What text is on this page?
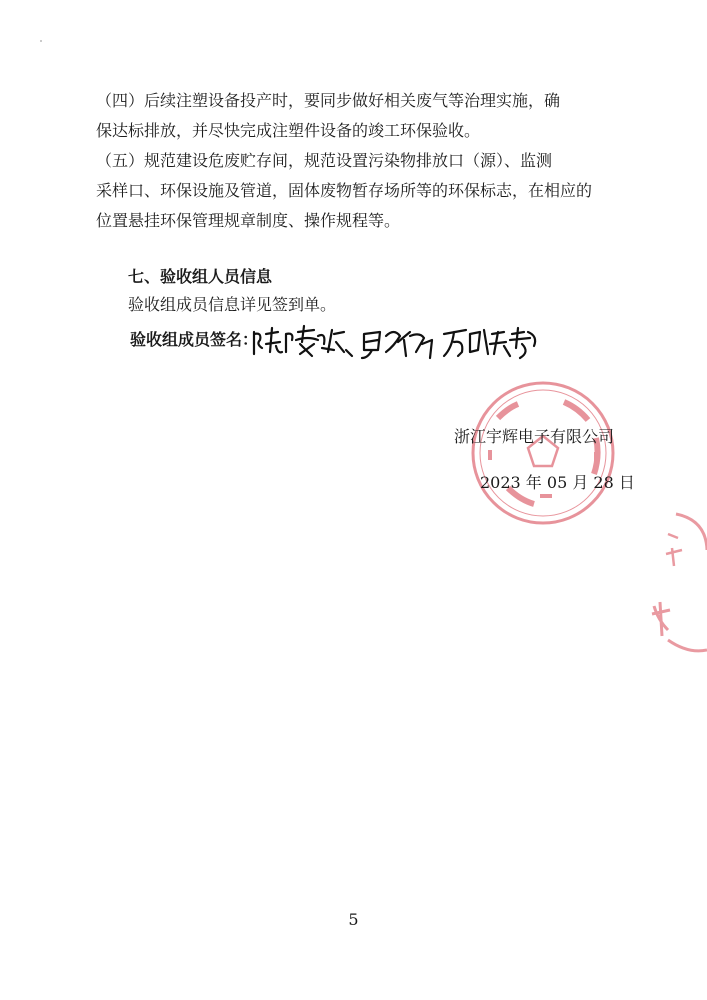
（四）后续注塑设备投产时，要同步做好相关废气等治理实施，确

保达标排放，并尽快完成注塑件设备的竣工环保验收。

（五）规范建设危废贮存间，规范设置污染物排放口（源）、监测

采样口、环保设施及管道，固体废物暂存场所等的环保标志，在相应的

位置悬挂环保管理规章制度、操作规程等。

七、验收组人员信息

验收组成员信息详见签到单。

验收组成员签名：
浙江宇辉电子有限公司
2023 年 05 月 28 日
5
